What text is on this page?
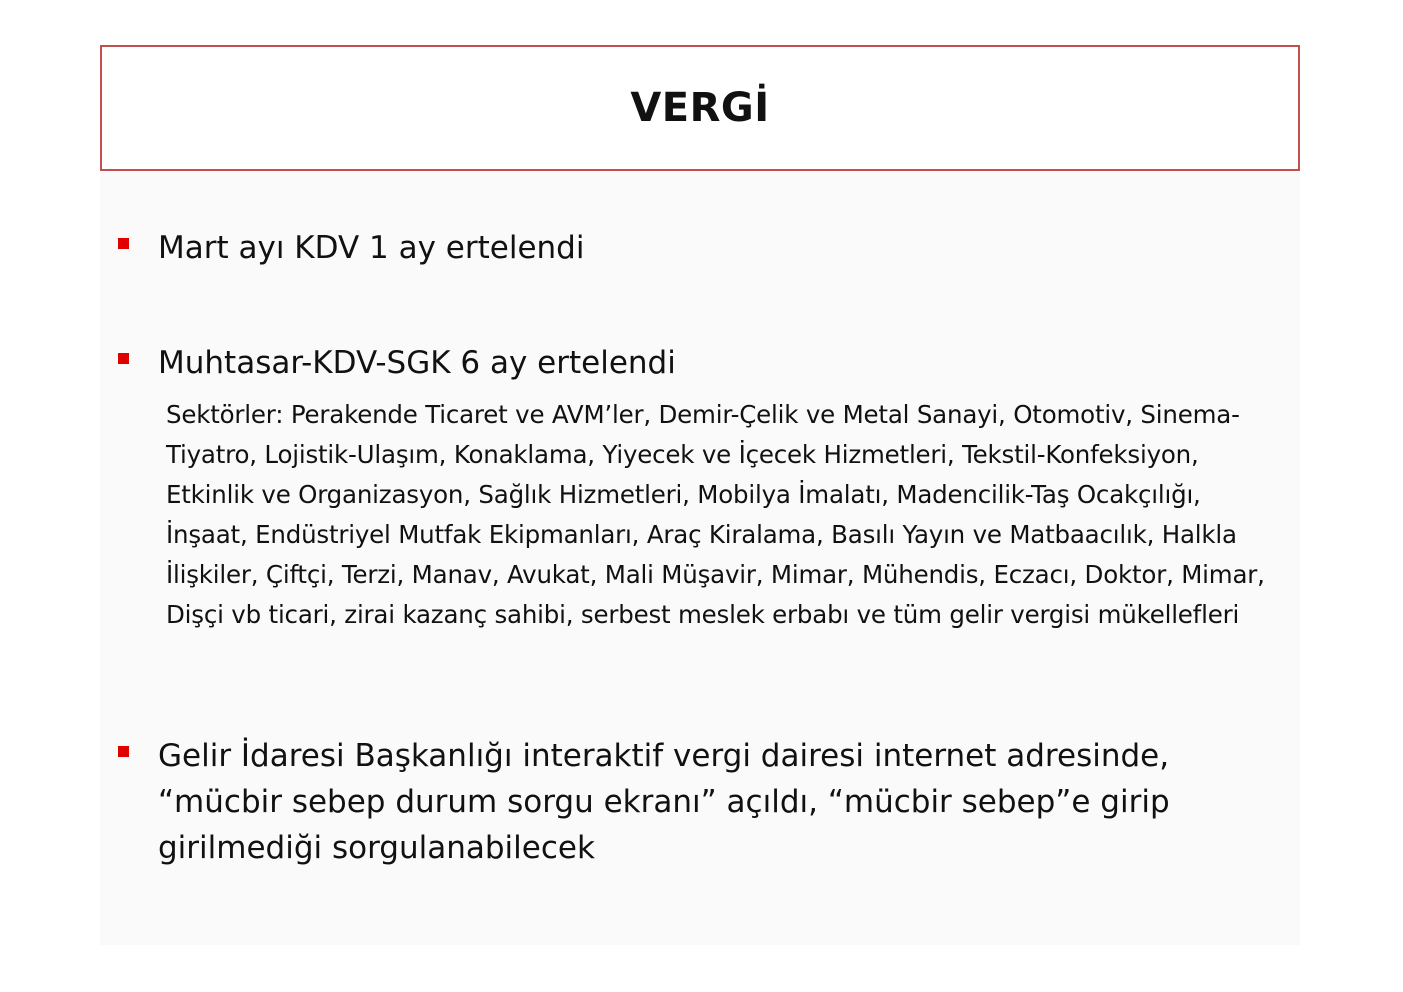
VERGİ
Mart ayı KDV 1 ay ertelendi
Muhtasar-KDV-SGK 6 ay ertelendi
Sektörler: Perakende Ticaret ve AVM’ler, Demir-Çelik ve Metal Sanayi, Otomotiv, Sinema-Tiyatro, Lojistik-Ulaşım, Konaklama, Yiyecek ve İçecek Hizmetleri, Tekstil-Konfeksiyon, Etkinlik ve Organizasyon, Sağlık Hizmetleri, Mobilya İmalatı, Madencilik-Taş Ocakçılığı, İnşaat, Endüstriyel Mutfak Ekipmanları, Araç Kiralama, Basılı Yayın ve Matbaacılık, Halkla İlişkiler, Çiftçi, Terzi, Manav, Avukat, Mali Müşavir, Mimar, Mühendis, Eczacı, Doktor, Mimar, Dişçi vb ticari, zirai kazanç sahibi, serbest meslek erbabı ve tüm gelir vergisi mükellefleri
Gelir İdaresi Başkanlığı interaktif vergi dairesi internet adresinde, “mücbir sebep durum sorgu ekranı” açıldı, “mücbir sebep”e girip girilmediği sorgulanabilecek
